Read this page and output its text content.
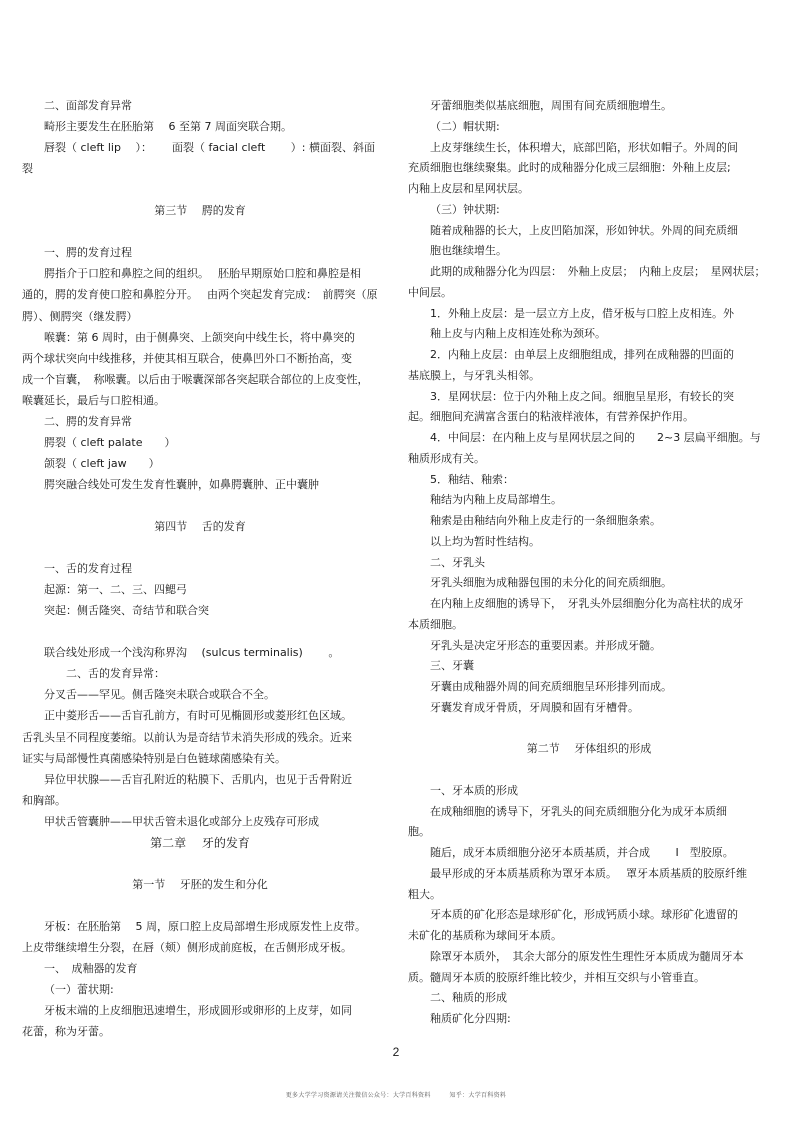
二、面部发育异常
畸形主要发生在胚胎第　 6 至第 7 周面突联合期。
唇裂（ cleft lip　 ）：　　 面裂（ facial cleft　　 ）: 横面裂、斜面
裂
第三节　 腭的发育
一、腭的发育过程
腭指介于口腔和鼻腔之间的组织。　 胚胎早期原始口腔和鼻腔是相
通的，腭的发育使口腔和鼻腔分开。　 由两个突起发育完成：　前腭突（原
腭）、侧腭突（继发腭）
喉囊：第 6 周时，由于侧鼻突、上颌突向中线生长，将中鼻突的
两个球状突向中线推移，并使其相互联合，使鼻凹外口不断抬高，变
成一个盲囊，　称喉囊。以后由于喉囊深部各突起联合部位的上皮变性，
喉囊延长，最后与口腔相通。
二、腭的发育异常
腭裂（ cleft palate　　）
颌裂（ cleft jaw　　）
腭突融合线处可发生发育性囊肿，如鼻腭囊肿、正中囊肿
第四节　 舌的发育
一、舌的发育过程
起源：第一、二、三、四鳃弓
突起：侧舌隆突、奇结节和联合突
联合线处形成一个浅沟称界沟　 (sulcus terminalis)　　 。
二、舌的发育异常：
分叉舌——罕见。侧舌隆突未联合或联合不全。
正中菱形舌——舌盲孔前方，有时可见椭圆形或菱形红色区域。
舌乳头呈不同程度萎缩。以前认为是奇结节未消失形成的残余。近来
证实与局部慢性真菌感染特别是白色链球菌感染有关。
异位甲状腺——舌盲孔附近的粘膜下、舌肌内，也见于舌骨附近
和胸部。
甲状舌管囊肿——甲状舌管未退化或部分上皮残存可形成
第二章　 牙的发育
第一节　 牙胚的发生和分化
牙板：在胚胎第　 5 周，原口腔上皮局部增生形成原发性上皮带。
上皮带继续增生分裂，在唇（颊）侧形成前庭板，在舌侧形成牙板。
一、　成釉器的发育
（一）蕾状期:
牙板末端的上皮细胞迅速增生，形成圆形或卵形的上皮芽，如同
花蕾，称为牙蕾。
牙蕾细胞类似基底细胞，周围有间充质细胞增生。
（二）帽状期:
上皮芽继续生长，体积增大，底部凹陷，形状如帽子。外周的间
充质细胞也继续聚集。此时的成釉器分化成三层细胞：外釉上皮层;
内釉上皮层和星网状层。
（三）钟状期:
随着成釉器的长大，上皮凹陷加深，形如钟状。外周的间充质细
胞也继续增生。
此期的成釉器分化为四层：　外釉上皮层；　内釉上皮层；　星网状层；
中间层。
1．外釉上皮层：是一层立方上皮，借牙板与口腔上皮相连。外
釉上皮与内釉上皮相连处称为颈环。
2．内釉上皮层：由单层上皮细胞组成，排列在成釉器的凹面的
基底膜上，与牙乳头相邻。
3．星网状层：位于内外釉上皮之间。细胞呈星形，有较长的突
起。细胞间充满富含蛋白的粘液样液体，有营养保护作用。
4．中间层：在内釉上皮与星网状层之间的　　2~3 层扁平细胞。与
釉质形成有关。
5．釉结、釉索：
釉结为内釉上皮局部增生。
釉索是由釉结向外釉上皮走行的一条细胞条索。
以上均为暂时性结构。
二、牙乳头
牙乳头细胞为成釉器包围的未分化的间充质细胞。
在内釉上皮细胞的诱导下，　牙乳头外层细胞分化为高柱状的成牙
本质细胞。
牙乳头是决定牙形态的重要因素。并形成牙髓。
三、牙囊
牙囊由成釉器外周的间充质细胞呈环形排列而成。
牙囊发育成牙骨质，牙周膜和固有牙槽骨。
第二节　 牙体组织的形成
一、牙本质的形成
在成釉细胞的诱导下，牙乳头的间充质细胞分化为成牙本质细
胞。
随后，成牙本质细胞分泌牙本质基质，并合成　　 Ⅰ　型胶原。
最早形成的牙本质基质称为罩牙本质。　 罩牙本质基质的胶原纤维
粗大。
牙本质的矿化形态是球形矿化，形成钙质小球。球形矿化遗留的
未矿化的基质称为球间牙本质。
除罩牙本质外，　其余大部分的原发性生理性牙本质成为髓周牙本
质。髓周牙本质的胶原纤维比较少，并相互交织与小管垂直。
二、釉质的形成
釉质矿化分四期:
2
更多大学学习资源请关注微信公众号：大学百科资料　　　知乎：大学百科资料
